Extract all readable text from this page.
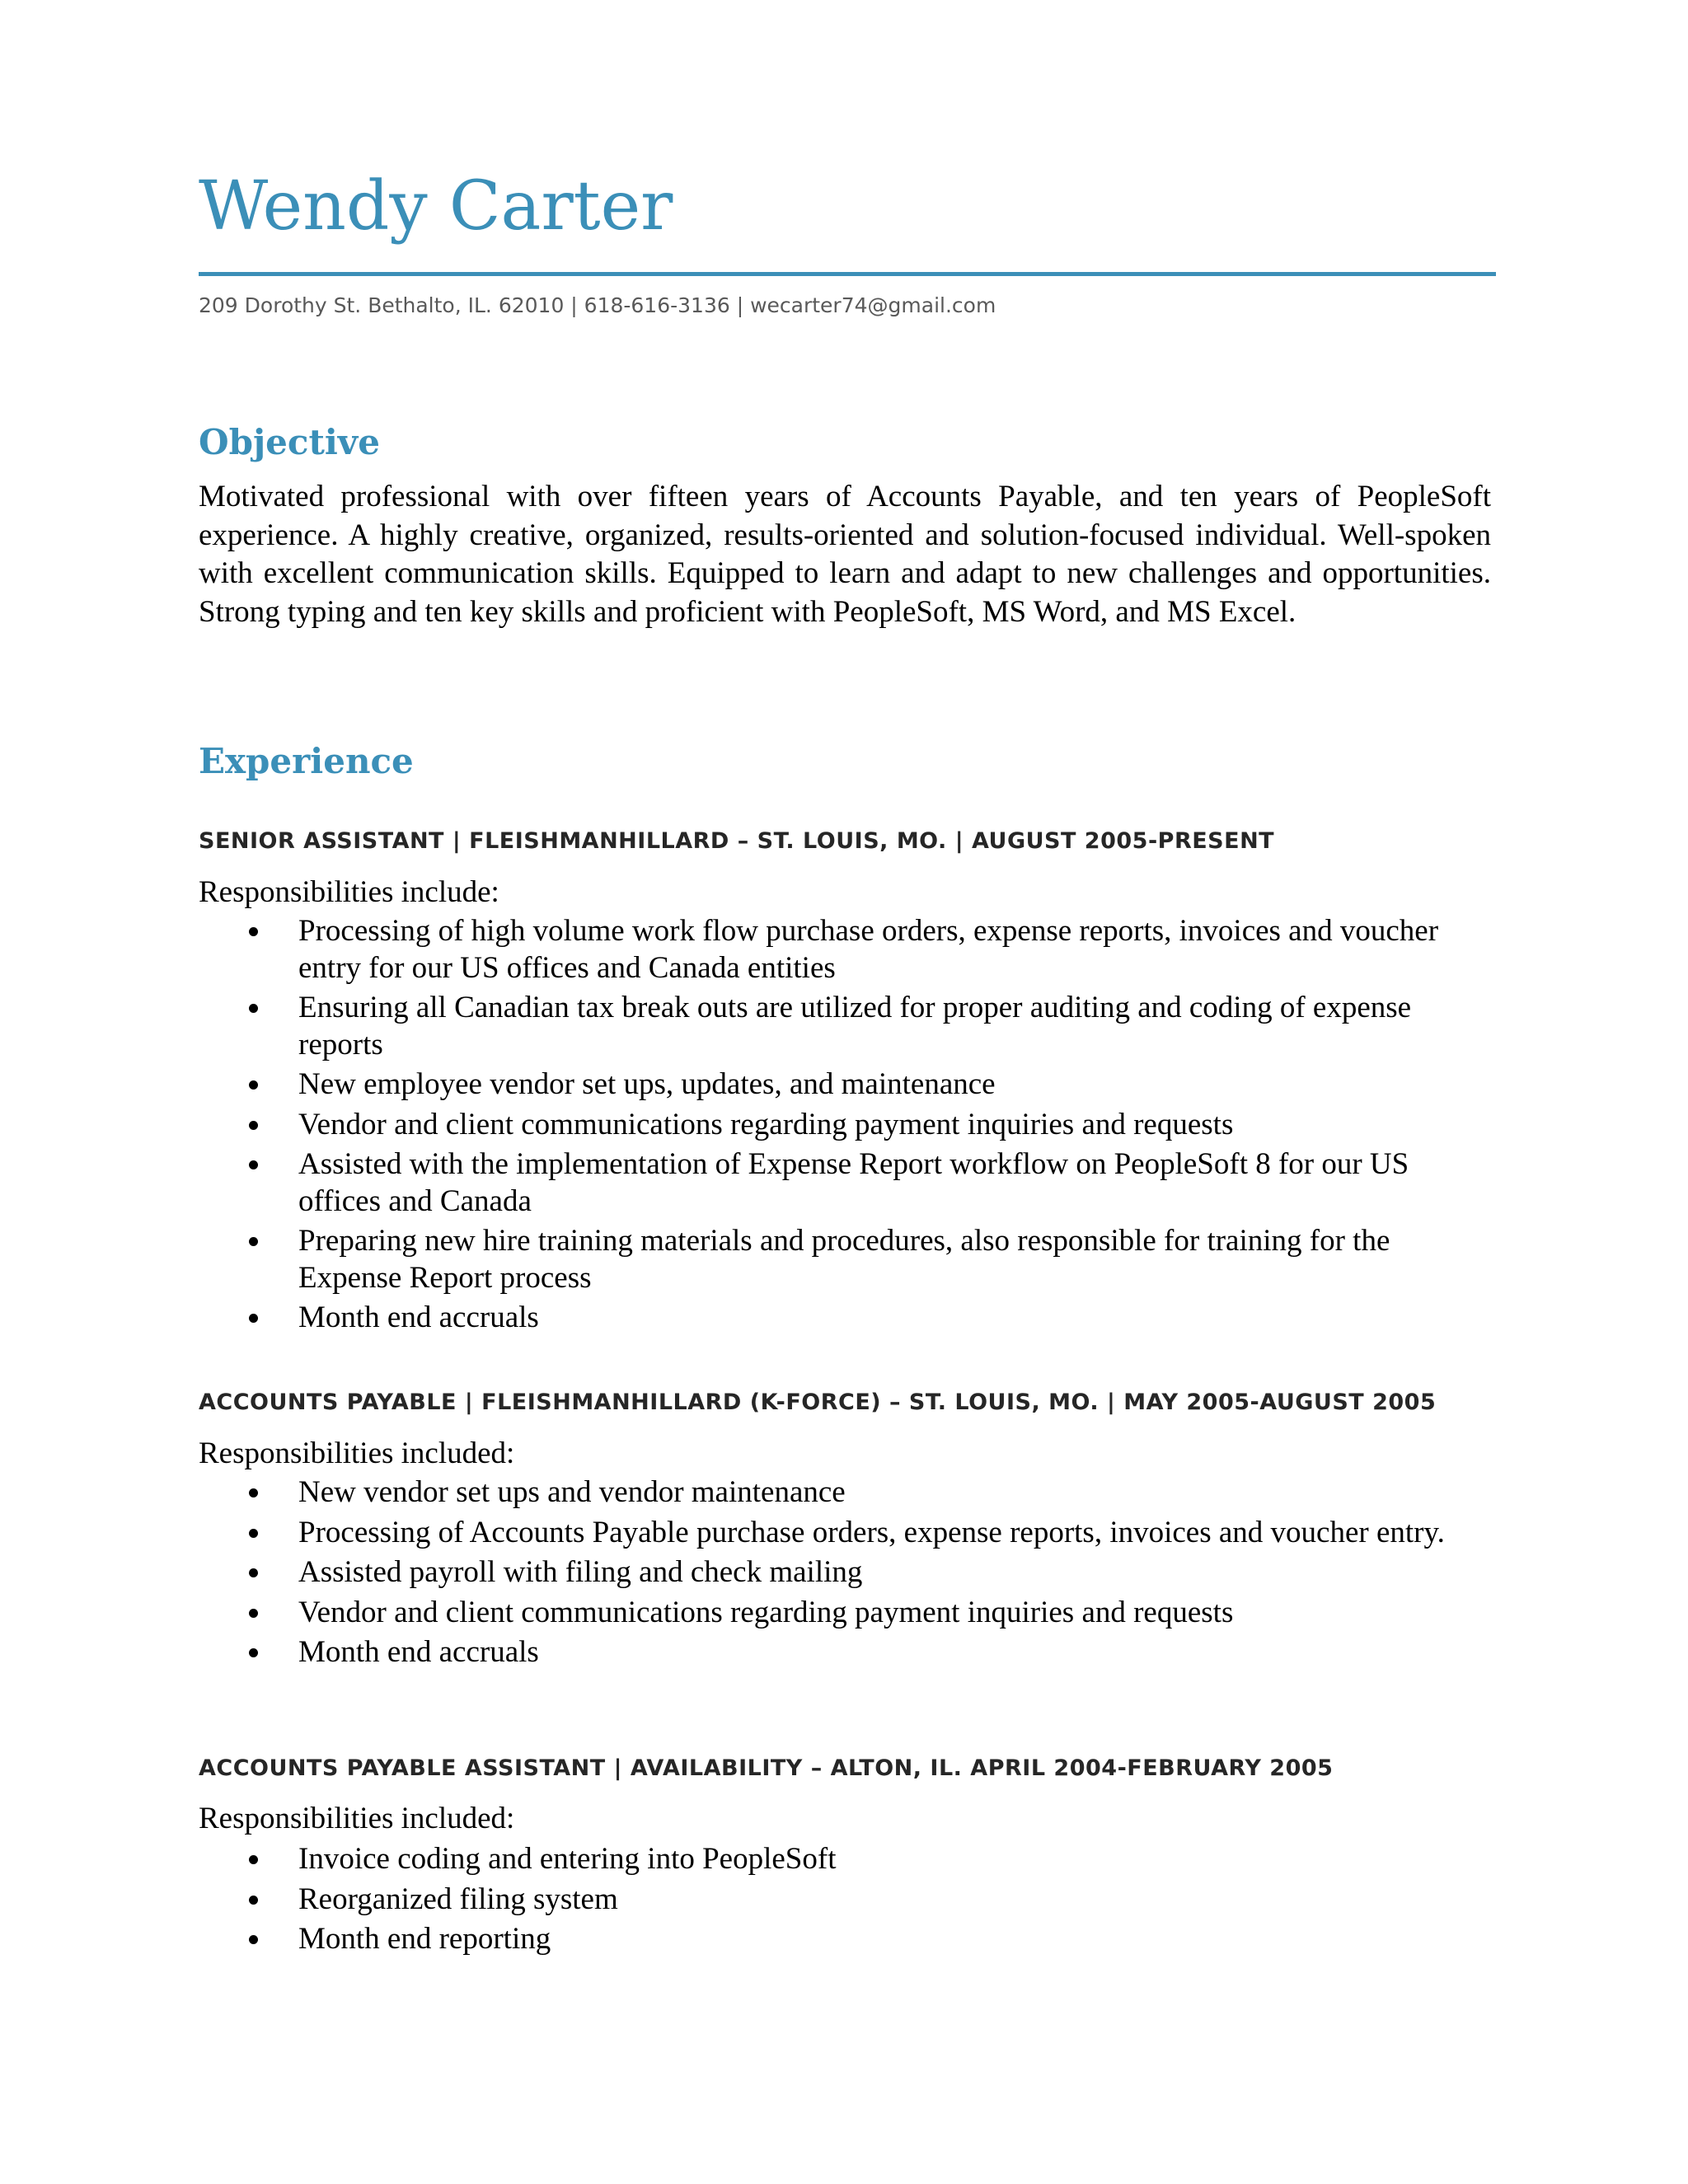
Wendy Carter
209 Dorothy St. Bethalto, IL. 62010 | 618-616-3136 | wecarter74@gmail.com
Objective

Motivated professional with over fifteen years of Accounts Payable, and ten years of PeopleSoft experience. A highly creative, organized, results-oriented and solution-focused individual. Well-spoken with excellent communication skills. Equipped to learn and adapt to new challenges and opportunities. Strong typing and ten key skills and proficient with PeopleSoft, MS Word, and MS Excel.

Experience
SENIOR ASSISTANT | FLEISHMANHILLARD – ST. LOUIS, MO. | AUGUST 2005-PRESENT
Responsibilities include:
Processing of high volume work flow purchase orders, expense reports, invoices and voucher entry for our US offices and Canada entities
Ensuring all Canadian tax break outs are utilized for proper auditing and coding of expense reports
New employee vendor set ups, updates, and maintenance
Vendor and client communications regarding payment inquiries and requests
Assisted with the implementation of Expense Report workflow on PeopleSoft 8 for our US offices and Canada
Preparing new hire training materials and procedures, also responsible for training for the Expense Report process
Month end accruals
ACCOUNTS PAYABLE | FLEISHMANHILLARD (K-FORCE) – ST. LOUIS, MO. | MAY 2005-AUGUST 2005
Responsibilities included:
New vendor set ups and vendor maintenance
Processing of Accounts Payable purchase orders, expense reports, invoices and voucher entry.
Assisted payroll with filing and check mailing
Vendor and client communications regarding payment inquiries and requests
Month end accruals
ACCOUNTS PAYABLE ASSISTANT | AVAILABILITY – ALTON, IL. APRIL 2004-FEBRUARY 2005
Responsibilities included:
Invoice coding and entering into PeopleSoft
Reorganized filing system
Month end reporting
